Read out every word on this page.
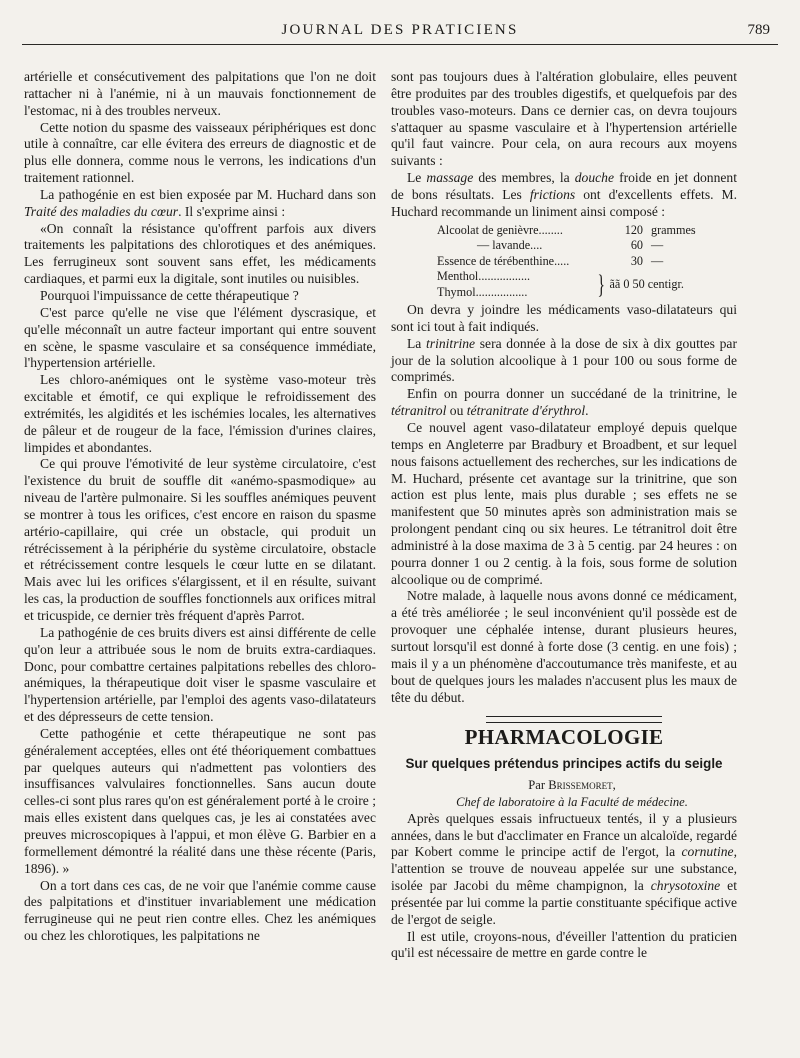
JOURNAL DES PRATICIENS	789

artérielle et consécutivement des palpitations que l'on ne doit rattacher ni à l'anémie, ni à un mauvais fonctionnement de l'estomac, ni à des troubles nerveux.

Cette notion du spasme des vaisseaux périphériques est donc utile à connaître, car elle évitera des erreurs de diagnostic et de plus elle donnera, comme nous le verrons, les indications d'un traitement rationnel.

La pathogénie en est bien exposée par M. Huchard dans son Traité des maladies du cœur. Il s'exprime ainsi :

«On connaît la résistance qu'offrent parfois aux divers traitements les palpitations des chlorotiques et des anémiques. Les ferrugineux sont souvent sans effet, les médicaments cardiaques, et parmi eux la digitale, sont inutiles ou nuisibles.

Pourquoi l'impuissance de cette thérapeutique ?

C'est parce qu'elle ne vise que l'élément dyscrasique, et qu'elle méconnaît un autre facteur important qui entre souvent en scène, le spasme vasculaire et sa conséquence immédiate, l'hypertension artérielle.

Les chloro-anémiques ont le système vaso-moteur très excitable et émotif, ce qui explique le refroidissement des extrémités, les algidités et les ischémies locales, les alternatives de pâleur et de rougeur de la face, l'émission d'urines claires, limpides et abondantes.

Ce qui prouve l'émotivité de leur système circulatoire, c'est l'existence du bruit de souffle dit «anémo-spasmodique» au niveau de l'artère pulmonaire. Si les souffles anémiques peuvent se montrer à tous les orifices, c'est encore en raison du spasme artério-capillaire, qui crée un obstacle, qui produit un rétrécissement à la périphérie du système circulatoire, obstacle et rétrécissement contre lesquels le cœur lutte en se dilatant. Mais avec lui les orifices s'élargissent, et il en résulte, suivant les cas, la production de souffles fonctionnels aux orifices mitral et tricuspide, ce dernier très fréquent d'après Parrot.

La pathogénie de ces bruits divers est ainsi différente de celle qu'on leur a attribuée sous le nom de bruits extra-cardiaques. Donc, pour combattre certaines palpitations rebelles des chloro-anémiques, la thérapeutique doit viser le spasme vasculaire et l'hypertension artérielle, par l'emploi des agents vaso-dilatateurs et des dépresseurs de cette tension.

Cette pathogénie et cette thérapeutique ne sont pas généralement acceptées, elles ont été théoriquement combattues par quelques auteurs qui n'admettent pas volontiers des insuffisances valvulaires fonctionnelles. Sans aucun doute celles-ci sont plus rares qu'on est généralement porté à le croire ; mais elles existent dans quelques cas, je les ai constatées avec preuves microscopiques à l'appui, et mon élève G. Barbier en a formellement démontré la réalité dans une thèse récente (Paris, 1896). »

On a tort dans ces cas, de ne voir que l'anémie comme cause des palpitations et d'instituer invariablement une médication ferrugineuse qui ne peut rien contre elles. Chez les anémiques ou chez les chlorotiques, les palpitations ne

sont pas toujours dues à l'altération globulaire, elles peuvent être produites par des troubles digestifs, et quelquefois par des troubles vaso-moteurs. Dans ce dernier cas, on devra toujours s'attaquer au spasme vasculaire et à l'hypertension artérielle qu'il faut vaincre. Pour cela, on aura recours aux moyens suivants :

Le massage des membres, la douche froide en jet donnent de bons résultats. Les frictions ont d'excellents effets. M. Huchard recommande un liniment ainsi composé :

Alcoolat de genièvre........	120 grammes
— lavande....	60 —
Essence de térébenthine.....	30 —
Menthol.................
Thymol.................	} ãã 0 50 centigr.

On devra y joindre les médicaments vaso-dilatateurs qui sont ici tout à fait indiqués.

La trinitrine sera donnée à la dose de six à dix gouttes par jour de la solution alcoolique à 1 pour 100 ou sous forme de comprimés.

Enfin on pourra donner un succédané de la trinitrine, le tétranitrol ou tétranitrate d'érythrol.

Ce nouvel agent vaso-dilatateur employé depuis quelque temps en Angleterre par Bradbury et Broadbent, et sur lequel nous faisons actuellement des recherches, sur les indications de M. Huchard, présente cet avantage sur la trinitrine, que son action est plus lente, mais plus durable ; ses effets ne se manifestent que 50 minutes après son administration mais se prolongent pendant cinq ou six heures. Le tétranitrol doit être administré à la dose maxima de 3 à 5 centig. par 24 heures : on pourra donner 1 ou 2 centig. à la fois, sous forme de solution alcoolique ou de comprimé.

Notre malade, à laquelle nous avons donné ce médicament, a été très améliorée ; le seul inconvénient qu'il possède est de provoquer une céphalée intense, durant plusieurs heures, surtout lorsqu'il est donné à forte dose (3 centig. en une fois) ; mais il y a un phénomène d'accoutumance très manifeste, et au bout de quelques jours les malades n'accusent plus les maux de tête du début.

PHARMACOLOGIE
Sur quelques prétendus principes actifs du seigle

Par Brissemoret,

Chef de laboratoire à la Faculté de médecine.

Après quelques essais infructueux tentés, il y a plusieurs années, dans le but d'acclimater en France un alcaloïde, regardé par Kobert comme le principe actif de l'ergot, la cornutine, l'attention se trouve de nouveau appelée sur une substance, isolée par Jacobi du même champignon, la chrysotoxine et présentée par lui comme la partie constituante spécifique active de l'ergot de seigle.

Il est utile, croyons-nous, d'éveiller l'attention du praticien qu'il est nécessaire de mettre en garde contre le
